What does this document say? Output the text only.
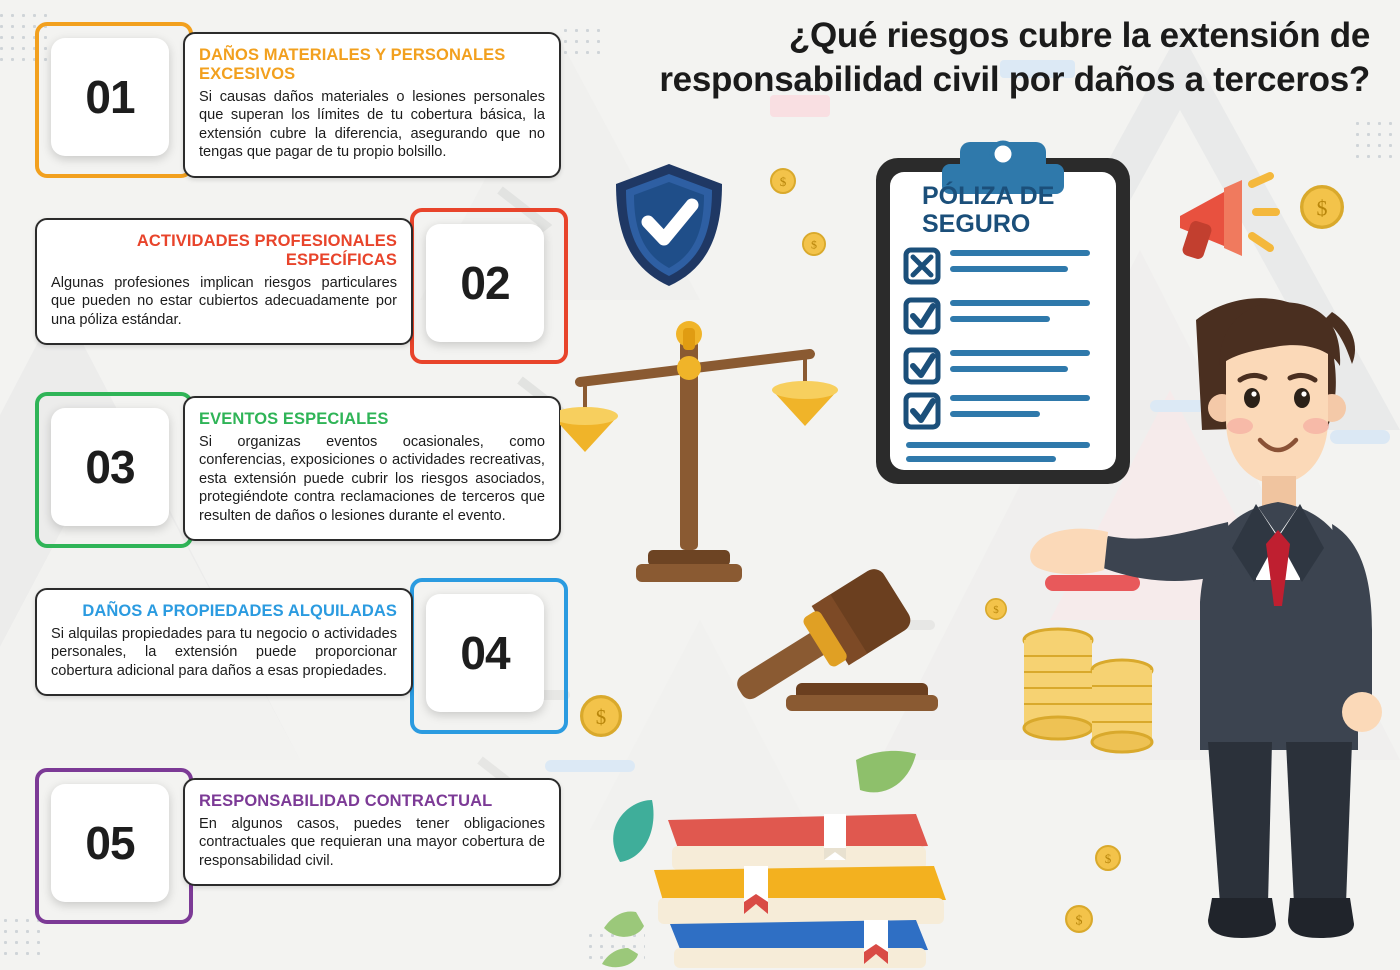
¿Qué riesgos cubre la extensión de responsabilidad civil por daños a terceros?
DAÑOS MATERIALES Y PERSONALES EXCESIVOS
Si causas daños materiales o lesiones personales que superan los límites de tu cobertura básica, la extensión cubre la diferencia, asegurando que no tengas que pagar de tu propio bolsillo.
01
ACTIVIDADES PROFESIONALES ESPECÍFICAS
Algunas profesiones implican riesgos particulares que pueden no estar cubiertos adecuadamente por una póliza estándar.
02
EVENTOS ESPECIALES
Si organizas eventos ocasionales, como conferencias, exposiciones o actividades recreativas, esta extensión puede cubrir los riesgos asociados, protegiéndote contra reclamaciones de terceros que resulten de daños o lesiones durante el evento.
03
DAÑOS A PROPIEDADES ALQUILADAS
Si alquilas propiedades para tu negocio o actividades personales, la extensión puede proporcionar cobertura adicional para daños a esas propiedades.	04
RESPONSABILIDAD CONTRACTUAL
En algunos casos, puedes tener obligaciones contractuales que requieran una mayor cobertura de responsabilidad civil.
05
PÓLIZA DE
SEGURO
$
$
$
$
$
$
$
